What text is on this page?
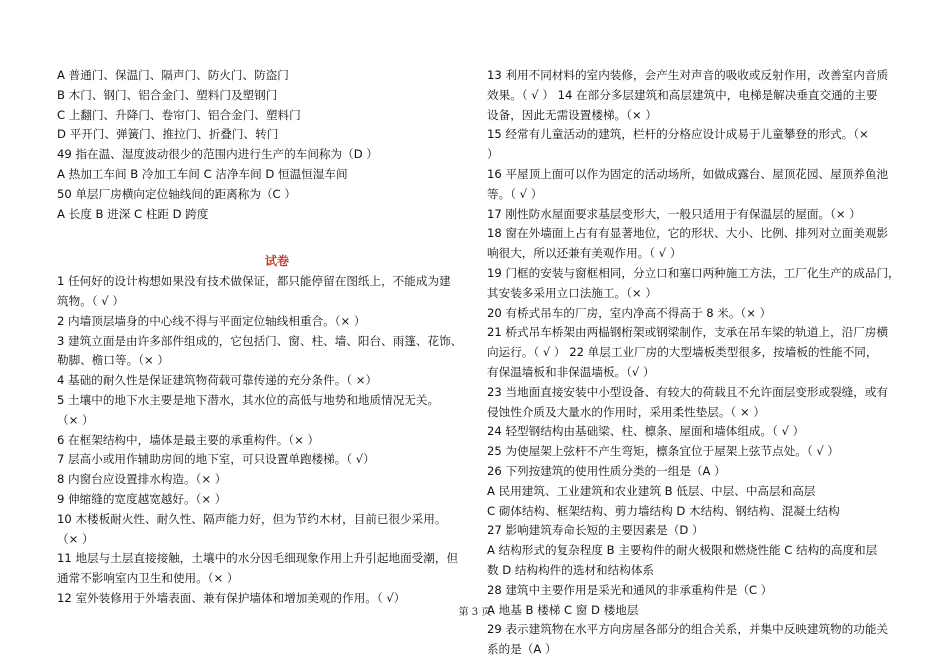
A 普通门、保温门、隔声门、防火门、防盗门
B 木门、钢门、铝合金门、塑料门及塑钢门
C 上翻门、升降门、卷帘门、铝合金门、塑料门
D 平开门、弹簧门、推拉门、折叠门、转门
49 指在温、湿度波动很少的范围内进行生产的车间称为（D ）
A 热加工车间 B 冷加工车间 C 洁净车间 D 恒温恒湿车间
50 单层厂房横向定位轴线间的距离称为（C ）
A 长度 B 进深 C 柱距 D 跨度
试卷
1 任何好的设计构想如果没有技术做保证，都只能停留在图纸上，不能成为建
筑物。（ √ ）
2 内墙顶层墙身的中心线不得与平面定位轴线相重合。（× ）
3 建筑立面是由许多部件组成的，它包括门、窗、柱、墙、阳台、雨篷、花饰、
勒脚、檐口等。（× ）
4 基础的耐久性是保证建筑物荷载可靠传递的充分条件。（ ×）
5 土壤中的地下水主要是地下潜水，其水位的高低与地势和地质情况无关。
（× ）
6 在框架结构中，墙体是最主要的承重构件。（× ）
7 层高小或用作辅助房间的地下室，可只设置单跑楼梯。（ √）
8 内窗台应设置排水构造。（× ）
9 伸缩缝的宽度越宽越好。（× ）
10 木楼板耐火性、耐久性、隔声能力好，但为节约木材，目前已很少采用。
（× ）
11 地层与土层直接接触，土壤中的水分因毛细现象作用上升引起地面受潮，但
通常不影响室内卫生和使用。（× ）
12 室外装修用于外墙表面、兼有保护墙体和增加美观的作用。（ √）
13 利用不同材料的室内装修，会产生对声音的吸收或反射作用，改善室内音质
效果。（ √ ） 14 在部分多层建筑和高层建筑中，电梯是解决垂直交通的主要
设备，因此无需设置楼梯。（× ）
15 经常有儿童活动的建筑，栏杆的分格应设计成易于儿童攀登的形式。（×
）
16 平屋顶上面可以作为固定的活动场所，如做成露台、屋顶花园、屋顶养鱼池
等。（ √ ）
17 刚性防水屋面要求基层变形大，一般只适用于有保温层的屋面。（× ）
18 窗在外墙面上占有有显著地位，它的形状、大小、比例、排列对立面美观影
响很大，所以还兼有美观作用。（ √ ）
19 门框的安装与窗框相同，分立口和塞口两种施工方法，工厂化生产的成品门，
其安装多采用立口法施工。（× ）
20 有桥式吊车的厂房，室内净高不得高于 8 米。（× ）
21 桥式吊车桥架由两榀钢桁架或钢梁制作，支承在吊车梁的轨道上，沿厂房横
向运行。（ √ ） 22 单层工业厂房的大型墙板类型很多，按墙板的性能不同，
有保温墙板和非保温墙板。（√ ）
23 当地面直接安装中小型设备、有较大的荷载且不允许面层变形或裂缝，或有
侵蚀性介质及大量水的作用时，采用柔性垫层。（ × ）
24 轻型钢结构由基础梁、柱、檩条、屋面和墙体组成。（ √ ）
25 为使屋架上弦杆不产生弯矩，檩条宜位于屋架上弦节点处。（ √ ）
26 下列按建筑的使用性质分类的一组是（A ）
A 民用建筑、工业建筑和农业建筑 B 低层、中层、中高层和高层
C 砌体结构、框架结构、剪力墙结构 D 木结构、钢结构、混凝土结构
27 影响建筑寿命长短的主要因素是（D ）
A 结构形式的复杂程度 B 主要构件的耐火极限和燃烧性能 C 结构的高度和层
数 D 结构构件的选材和结构体系
28 建筑中主要作用是采光和通风的非承重构件是（C ）
A 地基 B 楼梯 C 窗 D 楼地层
29 表示建筑物在水平方向房屋各部分的组合关系，并集中反映建筑物的功能关
系的是（A ）
第 3 页
